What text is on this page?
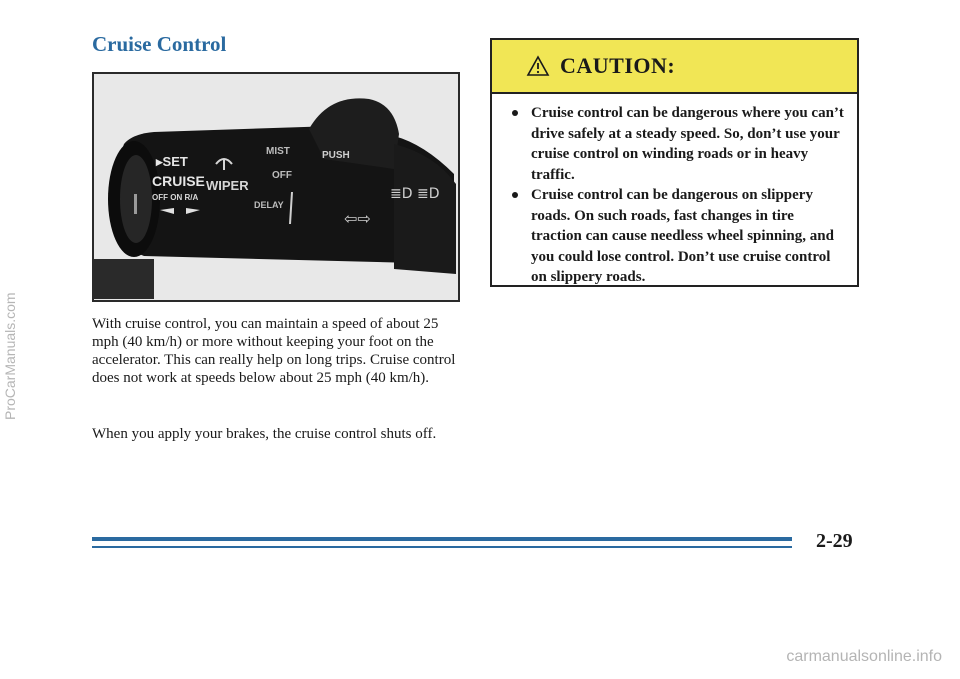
Cruise Control
▸SET
CRUISE
OFF ON R/A
WIPER
MIST
OFF
PUSH
DELAY
≣D ≣D
⇦⇨

With cruise control, you can maintain a speed of about 25 mph (40 km/h) or more without keeping your foot on the accelerator. This can really help on long trips. Cruise control does not work at speeds below about 25 mph (40 km/h).

When you apply your brakes, the cruise control shuts off.

CAUTION:
Cruise control can be dangerous where you can’t drive safely at a steady speed. So, don’t use your cruise control on winding roads or in heavy traffic.
Cruise control can be dangerous on slippery roads. On such roads, fast changes in tire traction can cause needless wheel spinning, and you could lose control. Don’t use cruise control on slippery roads.
2-29
ProCarManuals.com
carmanualsonline.info
